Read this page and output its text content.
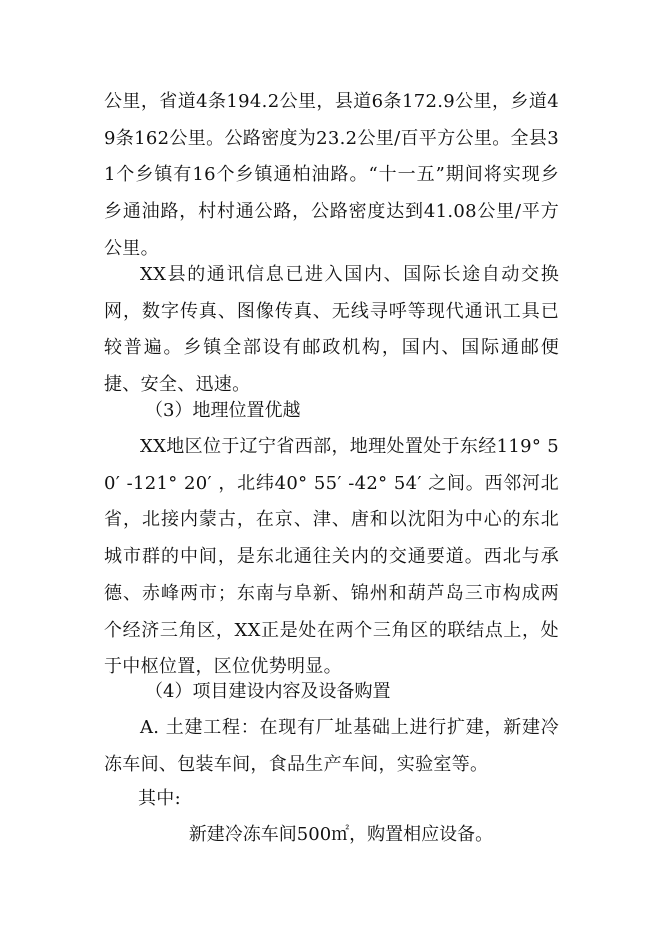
公里，省道4条194.2公里，县道6条172.9公里，乡道49条162公里。公路密度为23.2公里/百平方公里。全县31个乡镇有16个乡镇通柏油路。“十一五”期间将实现乡乡通油路，村村通公路，公路密度达到41.08公里/平方公里。

XX县的通讯信息已进入国内、国际长途自动交换网，数字传真、图像传真、无线寻呼等现代通讯工具已较普遍。乡镇全部设有邮政机构，国内、国际通邮便捷、安全、迅速。

（3）地理位置优越

XX地区位于辽宁省西部，地理处置处于东经119° 50′ -121° 20′ ，北纬40° 55′ -42° 54′ 之间。西邻河北省，北接内蒙古，在京、津、唐和以沈阳为中心的东北城市群的中间，是东北通往关内的交通要道。西北与承德、赤峰两市；东南与阜新、锦州和葫芦岛三市构成两个经济三角区，XX正是处在两个三角区的联结点上，处于中枢位置，区位优势明显。

（4）项目建设内容及设备购置

A. 土建工程：在现有厂址基础上进行扩建，新建冷冻车间、包装车间，食品生产车间，实验室等。

其中:

新建冷冻车间500㎡，购置相应设备。
